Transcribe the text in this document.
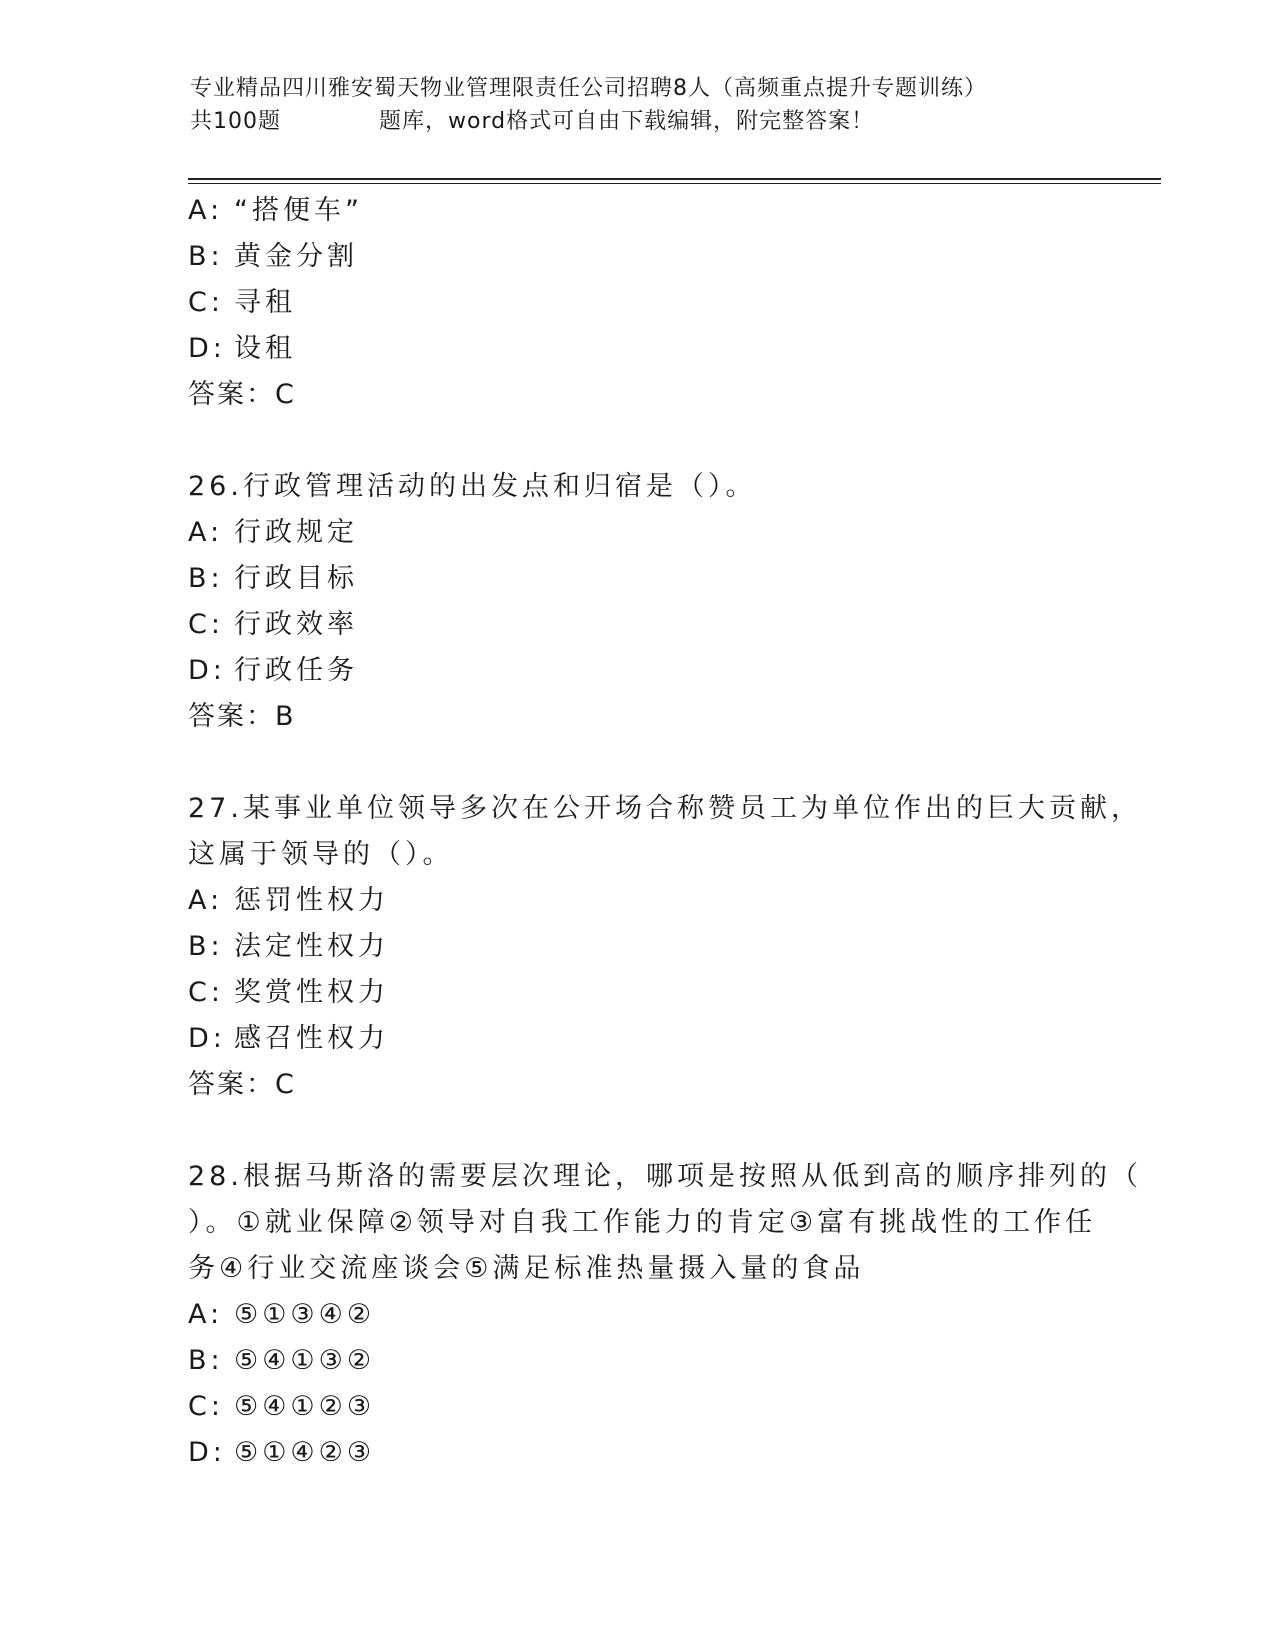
专业精品四川雅安蜀天物业管理限责任公司招聘8人（高频重点提升专题训练）
共100题	题库，word格式可自由下载编辑，附完整答案！
A: “搭便车”
B: 黄金分割
C: 寻租
D: 设租
答案：C
26.行政管理活动的出发点和归宿是（）。
A: 行政规定
B: 行政目标
C: 行政效率
D: 行政任务
答案：B
27.某事业单位领导多次在公开场合称赞员工为单位作出的巨大贡献，
这属于领导的（）。
A: 惩罚性权力
B: 法定性权力
C: 奖赏性权力
D: 感召性权力
答案：C
28.根据马斯洛的需要层次理论，哪项是按照从低到高的顺序排列的（
）。①就业保障②领导对自我工作能力的肯定③富有挑战性的工作任
务④行业交流座谈会⑤满足标准热量摄入量的食品
A: ⑤①③④②
B: ⑤④①③②
C: ⑤④①②③
D: ⑤①④②③
